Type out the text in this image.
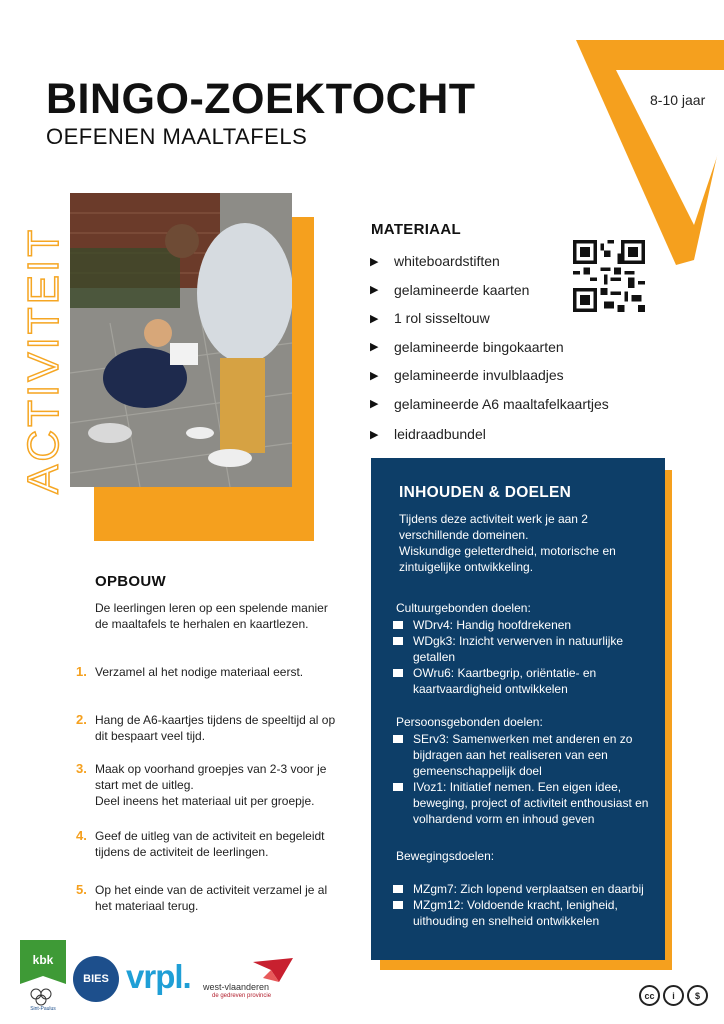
BINGO-ZOEKTOCHT
OEFENEN MAALTAFELS
8-10 jaar
ACTIVITEIT	MATERIAAL
▶	whiteboardstiften
▶	gelamineerde kaarten
▶	1 rol sisseltouw
▶	gelamineerde bingokaarten
▶	gelamineerde invulblaadjes
▶	gelamineerde A6 maaltafelkaartjes
▶	leidraadbundel
INHOUDEN & DOELEN

Tijdens deze activiteit werk je aan 2 verschillende domeinen.

Wiskundige geletterdheid, motorische en zintuigelijke ontwikkeling.

Cultuurgebonden doelen:
WDrv4: Handig hoofdrekenen
WDgk3: Inzicht verwerven in natuurlijke getallen
OWru6: Kaartbegrip, oriëntatie- en kaartvaardigheid ontwikkelen
Persoonsgebonden doelen:
SErv3: Samenwerken met anderen en zo bijdragen aan het realiseren van een gemeenschappelijk doel
IVoz1: Initiatief nemen. Een eigen idee, beweging, project of activiteit enthousiast en volhardend vorm en inhoud geven
Bewegingsdoelen:
MZgm7: Zich lopend verplaatsen en daarbij
MZgm12: Voldoende kracht, lenigheid, uithouding en snelheid ontwikkelen
OPBOUW
De leerlingen leren op een spelende manier de maaltafels te herhalen en kaartlezen.
1. Verzamel al het nodige materiaal eerst.
2. Hang de A6-kaartjes tijdens de speeltijd al op dit bespaart veel tijd.
3. Maak op voorhand groepjes van 2-3 voor je start met de uitleg.
Deel ineens het materiaal uit per groepje.
4. Geef de uitleg van de activiteit en begeleidt tijdens de activiteit de leerlingen.
5. Op het einde van de activiteit verzamel je al het materiaal terug.
kbk
Sint-Paulus
BIES vrpl. west-vlaanderen
de gedreven provincie	cc	i	$
